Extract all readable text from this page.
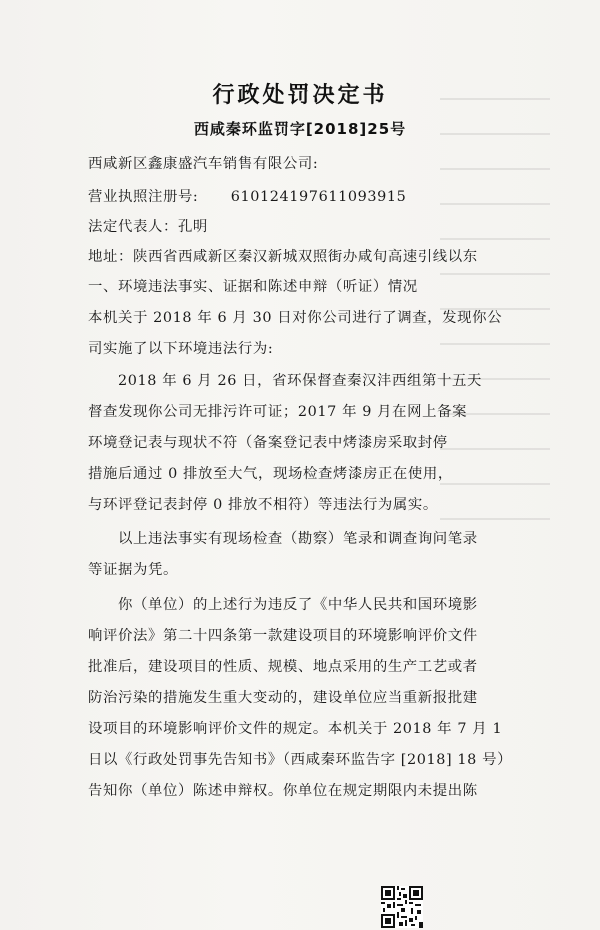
行政处罚决定书
西咸秦环监罚字[2018]25号
西咸新区鑫康盛汽车销售有限公司:
营业执照注册号: 610124197611093915
法定代表人：孔明
地址：陕西省西咸新区秦汉新城双照街办咸旬高速引线以东
一、环境违法事实、证据和陈述申辩（听证）情况
本机关于 2018 年 6 月 30 日对你公司进行了调查，发现你公
司实施了以下环境违法行为:
2018 年 6 月 26 日，省环保督查秦汉沣西组第十五天
督查发现你公司无排污许可证；2017 年 9 月在网上备案
环境登记表与现状不符（备案登记表中烤漆房采取封停
措施后通过 0 排放至大气，现场检查烤漆房正在使用，
与环评登记表封停 0 排放不相符）等违法行为属实。
以上违法事实有现场检查（勘察）笔录和调查询问笔录
等证据为凭。
你（单位）的上述行为违反了《中华人民共和国环境影
响评价法》第二十四条第一款建设项目的环境影响评价文件
批准后，建设项目的性质、规模、地点采用的生产工艺或者
防治污染的措施发生重大变动的，建设单位应当重新报批建
设项目的环境影响评价文件的规定。本机关于 2018 年 7 月 1
日以《行政处罚事先告知书》（西咸秦环监告字 [2018] 18 号）
告知你（单位）陈述申辩权。你单位在规定期限内未提出陈
